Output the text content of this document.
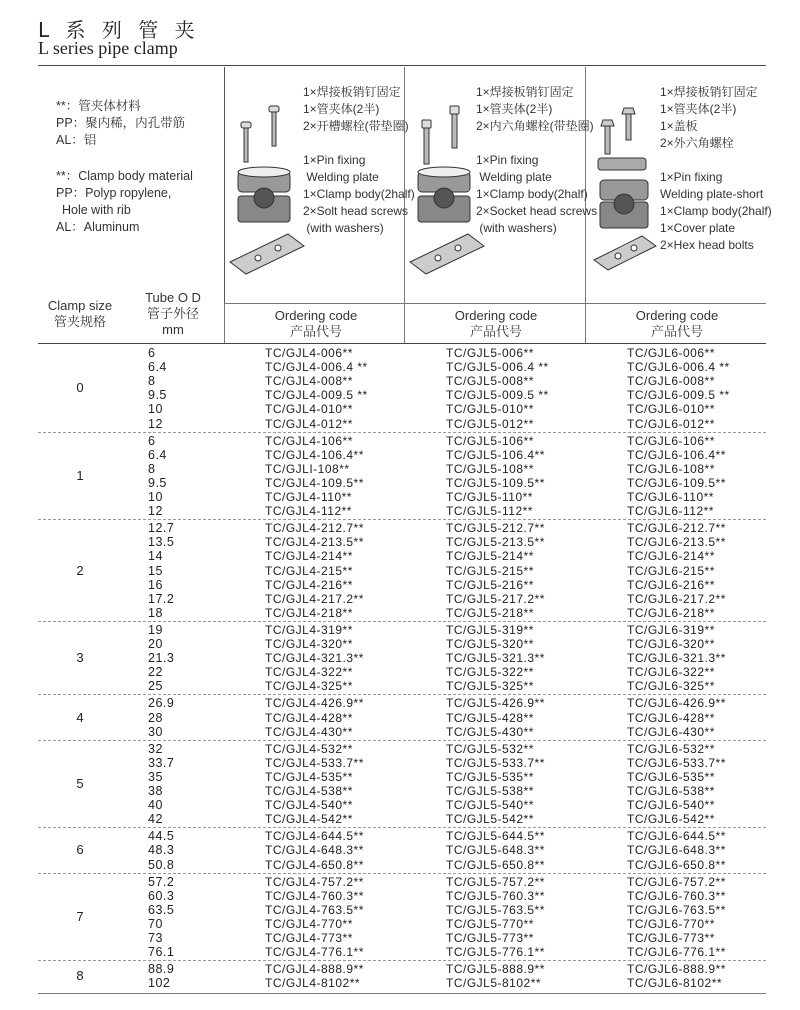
L 系 列 管 夹
L series pipe clamp
**：管夹体材料
PP：聚内稀，内孔带筋
AL：铝
**：Clamp body material
PP：Polyp ropylene,
Hole with rib
AL：Aluminum
1×焊接板销钉固定
1×管夹体(2半)
2×开槽螺栓(带垫圈)

1×Pin fixing
Welding plate
1×Clamp body(2half)
2×Solt head screws
(with washers)
1×焊接板销钉固定
1×管夹体(2半)
2×内六角螺栓(带垫圈)

1×Pin fixing
Welding plate
1×Clamp body(2half)
2×Socket head screws
(with washers)
1×焊接板销钉固定
1×管夹体(2半)
1×盖板
2×外六角螺栓

1×Pin fixing
Welding plate-short
1×Clamp body(2half)
1×Cover plate
2×Hex head bolts
Clamp size
管夹规格
Tube O D
管子外径
mm
Ordering code
产品代号
Ordering code
产品代号
Ordering code
产品代号
0
6	TC/GJL4-006**	TC/GJL5-006**	TC/GJL6-006**
6.4	TC/GJL4-006.4 **	TC/GJL5-006.4 **	TC/GJL6-006.4 **
8	TC/GJL4-008**	TC/GJL5-008**	TC/GJL6-008**
9.5	TC/GJL4-009.5 **	TC/GJL5-009.5 **	TC/GJL6-009.5 **
10	TC/GJL4-010**	TC/GJL5-010**	TC/GJL6-010**
12	TC/GJL4-012**	TC/GJL5-012**	TC/GJL6-012**
1
6	TC/GJL4-106**	TC/GJL5-106**	TC/GJL6-106**
6.4	TC/GJL4-106.4**	TC/GJL5-106.4**	TC/GJL6-106.4**
8	TC/GJLI-108**	TC/GJL5-108**	TC/GJL6-108**
9.5	TC/GJL4-109.5**	TC/GJL5-109.5**	TC/GJL6-109.5**
10	TC/GJL4-110**	TC/GJL5-110**	TC/GJL6-110**
12	TC/GJL4-112**	TC/GJL5-112**	TC/GJL6-112**
2
12.7	TC/GJL4-212.7**	TC/GJL5-212.7**	TC/GJL6-212.7**
13.5	TC/GJL4-213.5**	TC/GJL5-213.5**	TC/GJL6-213.5**
14	TC/GJL4-214**	TC/GJL5-214**	TC/GJL6-214**
15	TC/GJL4-215**	TC/GJL5-215**	TC/GJL6-215**
16	TC/GJL4-216**	TC/GJL5-216**	TC/GJL6-216**
17.2	TC/GJL4-217.2**	TC/GJL5-217.2**	TC/GJL6-217.2**
18	TC/GJL4-218**	TC/GJL5-218**	TC/GJL6-218**
3
19	TC/GJL4-319**	TC/GJL5-319**	TC/GJL6-319**
20	TC/GJL4-320**	TC/GJL5-320**	TC/GJL6-320**
21.3	TC/GJL4-321.3**	TC/GJL5-321.3**	TC/GJL6-321.3**
22	TC/GJL4-322**	TC/GJL5-322**	TC/GJL6-322**
25	TC/GJL4-325**	TC/GJL5-325**	TC/GJL6-325**
4
26.9	TC/GJL4-426.9**	TC/GJL5-426.9**	TC/GJL6-426.9**
28	TC/GJL4-428**	TC/GJL5-428**	TC/GJL6-428**
30	TC/GJL4-430**	TC/GJL5-430**	TC/GJL6-430**
5
32	TC/GJL4-532**	TC/GJL5-532**	TC/GJL6-532**
33.7	TC/GJL4-533.7**	TC/GJL5-533.7**	TC/GJL6-533.7**
35	TC/GJL4-535**	TC/GJL5-535**	TC/GJL6-535**
38	TC/GJL4-538**	TC/GJL5-538**	TC/GJL6-538**
40	TC/GJL4-540**	TC/GJL5-540**	TC/GJL6-540**
42	TC/GJL4-542**	TC/GJL5-542**	TC/GJL6-542**
6
44.5	TC/GJL4-644.5**	TC/GJL5-644.5**	TC/GJL6-644.5**
48.3	TC/GJL4-648.3**	TC/GJL5-648.3**	TC/GJL6-648.3**
50.8	TC/GJL4-650.8**	TC/GJL5-650.8**	TC/GJL6-650.8**
7
57.2	TC/GJL4-757.2**	TC/GJL5-757.2**	TC/GJL6-757.2**
60.3	TC/GJL4-760.3**	TC/GJL5-760.3**	TC/GJL6-760.3**
63.5	TC/GJL4-763.5**	TC/GJL5-763.5**	TC/GJL6-763.5**
70	TC/GJL4-770**	TC/GJL5-770**	TC/GJL6-770**
73	TC/GJL4-773**	TC/GJL5-773**	TC/GJL6-773**
76.1	TC/GJL4-776.1**	TC/GJL5-776.1**	TC/GJL6-776.1**
8	88.9	TC/GJL4-888.9**	TC/GJL5-888.9**	TC/GJL6-888.9**
102	TC/GJL4-8102**	TC/GJL5-8102**	TC/GJL6-8102**
